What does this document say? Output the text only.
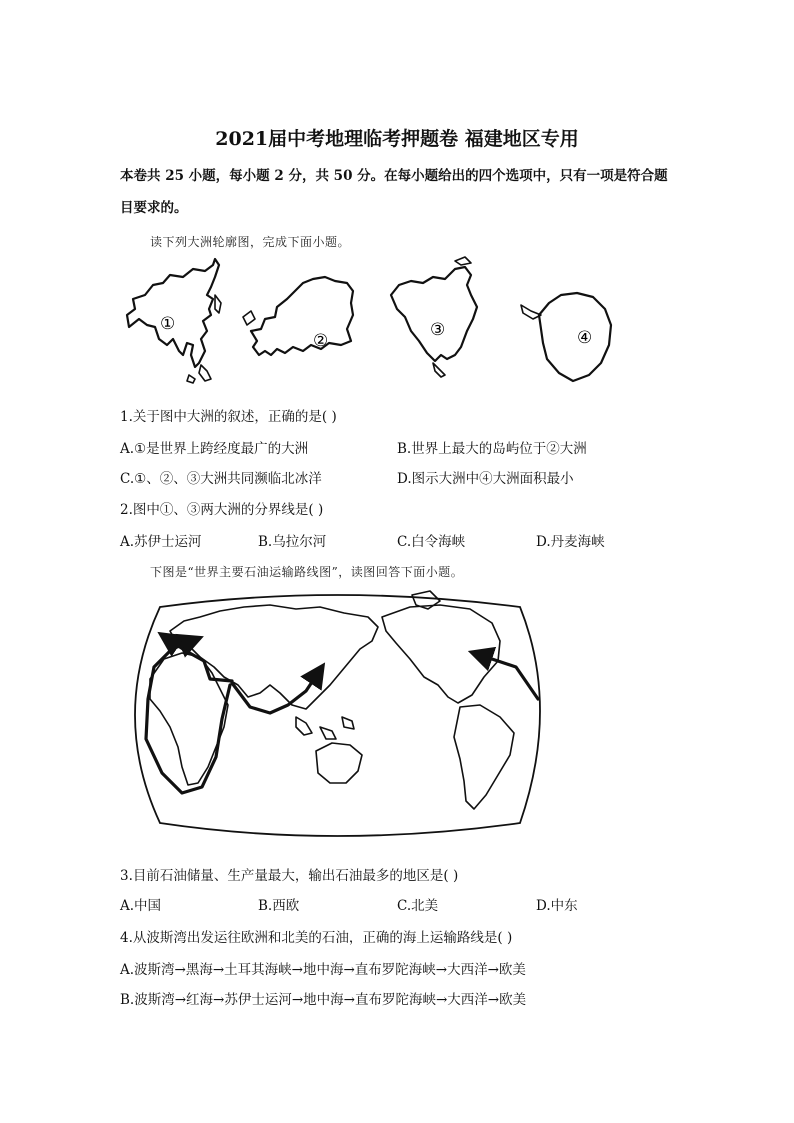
2021届中考地理临考押题卷 福建地区专用
本卷共 25 小题，每小题 2 分，共 50 分。在每小题给出的四个选项中，只有一项是符合题
目要求的。
读下列大洲轮廓图，完成下面小题。
①
②
③	④
1.关于图中大洲的叙述，正确的是( )
A.①是世界上跨经度最广的大洲	B.世界上最大的岛屿位于②大洲
C.①、②、③大洲共同濒临北冰洋	D.图示大洲中④大洲面积最小
2.图中①、③两大洲的分界线是( )
A.苏伊士运河	B.乌拉尔河	C.白令海峡	D.丹麦海峡
下图是“世界主要石油运输路线图”，读图回答下面小题。
3.目前石油储量、生产量最大，输出石油最多的地区是( )
A.中国	B.西欧	C.北美	D.中东
4.从波斯湾出发运往欧洲和北美的石油，正确的海上运输路线是( )
A.波斯湾→黑海→土耳其海峡→地中海→直布罗陀海峡→大西洋→欧美
B.波斯湾→红海→苏伊士运河→地中海→直布罗陀海峡→大西洋→欧美
